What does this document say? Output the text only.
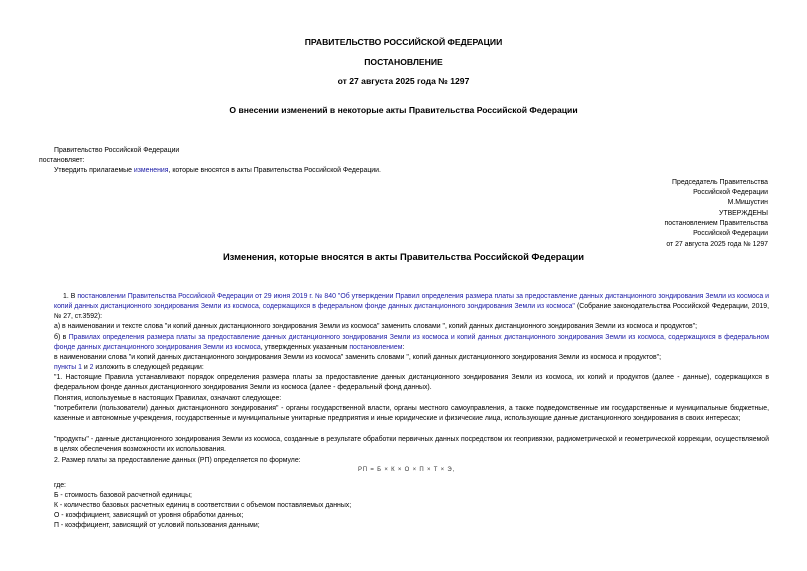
ПРАВИТЕЛЬСТВО РОССИЙСКОЙ ФЕДЕРАЦИИ
ПОСТАНОВЛЕНИЕ
от 27 августа 2025 года № 1297
О внесении изменений в некоторые акты Правительства Российской Федерации
Правительство Российской Федерации
постановляет:
Утвердить прилагаемые изменения, которые вносятся в акты Правительства Российской Федерации.
Председатель Правительства
Российской Федерации
М.Мишустин
УТВЕРЖДЕНЫ
постановлением Правительства
Российской Федерации
от 27 августа 2025 года № 1297
Изменения, которые вносятся в акты Правительства Российской Федерации
1. В постановлении Правительства Российской Федерации от 29 июня 2019 г. № 840 "Об утверждении Правил определения размера платы за предоставление данных дистанционного зондирования Земли из космоса и копий данных дистанционного зондирования Земли из космоса, содержащихся в федеральном фонде данных дистанционного зондирования Земли из космоса" (Собрание законодательства Российской Федерации, 2019, № 27, ст.3592):
а) в наименовании и тексте слова "и копий данных дистанционного зондирования Земли из космоса" заменить словами ", копий данных дистанционного зондирования Земли из космоса и продуктов";
б) в Правилах определения размера платы за предоставление данных дистанционного зондирования Земли из космоса и копий данных дистанционного зондирования Земли из космоса, содержащихся в федеральном фонде данных дистанционного зондирования Земли из космоса, утвержденных указанным постановлением:
в наименовании слова "и копий данных дистанционного зондирования Земли из космоса" заменить словами ", копий данных дистанционного зондирования Земли из космоса и продуктов";
пункты 1 и 2 изложить в следующей редакции:
"1. Настоящие Правила устанавливают порядок определения размера платы за предоставление данных дистанционного зондирования Земли из космоса, их копий и продуктов (далее - данные), содержащихся в федеральном фонде данных дистанционного зондирования Земли из космоса (далее - федеральный фонд данных).
Понятия, используемые в настоящих Правилах, означают следующее:
"потребители (пользователи) данных дистанционного зондирования" - органы государственной власти, органы местного самоуправления, а также подведомственные им государственные и муниципальные бюджетные, казенные и автономные учреждения, государственные и муниципальные унитарные предприятия и иные юридические и физические лица, использующие данные дистанционного зондирования в своих интересах;
"продукты" - данные дистанционного зондирования Земли из космоса, созданные в результате обработки первичных данных посредством их геопривязки, радиометрической и геометрической коррекции, осуществляемой в целях обеспечения возможности их использования.
2. Размер платы за предоставление данных (РП) определяется по формуле:
РП = Б × К × О × П × Т × Э,
где:
Б - стоимость базовой расчетной единицы;
К - количество базовых расчетных единиц в соответствии с объемом поставляемых данных;
О - коэффициент, зависящий от уровня обработки данных;
П - коэффициент, зависящий от условий пользования данными;
